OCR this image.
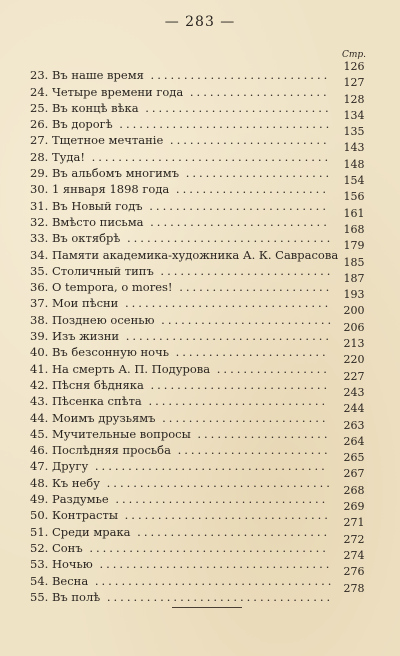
— 283 —
Стр.
23. Въ наше время ...........................
126
24. Четыре времени года .....................
127
25. Въ концѣ вѣка ............................
128
26. Въ дорогѣ ................................
134
27. Тщетное мечтаніе ........................
135
28. Туда! ....................................
143
29. Въ альбомъ многимъ ......................
148
30. 1 января 1898 года .......................
154
31. Въ Новый годъ ...........................
156
32. Вмѣсто письма ...........................
161
33. Въ октябрѣ ...............................
168
34. Памяти академика-художника А. К. Саврасова
179
35. Столичный типъ ..........................
185
36. O tempora, o mores! .......................
187
37. Мои пѣсни ...............................
193
38. Позднею осенью ..........................
200
39. Изъ жизни ...............................
206
40. Въ безсонную ночь .......................
213
41. На смерть А. П. Подурова .................
220
42. Пѣсня бѣдняка ...........................
227
43. Пѣсенка спѣта ...........................
243
44. Моимъ друзьямъ .........................
244
45. Мучительные вопросы ....................
263
46. Послѣдняя просьба .......................
264
47. Другу ...................................
265
48. Къ небу ..................................
267
49. Раздумье ................................
268
50. Контрасты ...............................
269
51. Среди мрака .............................
271
52. Сонъ ....................................
272
53. Ночью ...................................
274
54. Весна ....................................
276
55. Въ полѣ ..................................
278
